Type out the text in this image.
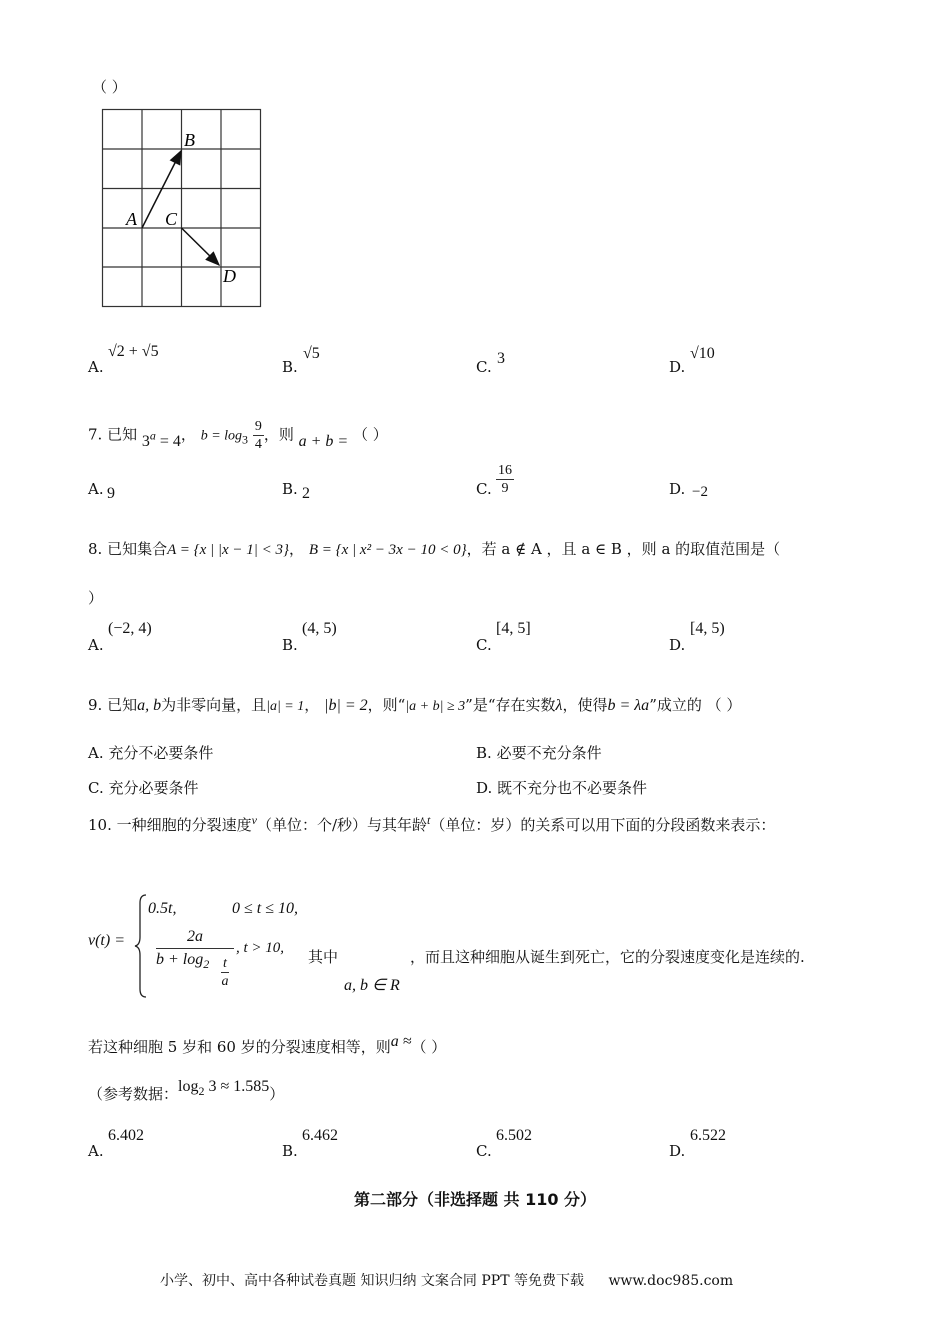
（ ）
B
A C
D
A.
√2 + √5
B.
√5
C. 3	D.
√10
7. 已知 $3^a = 4$， $b = \log_3 \frac{9}{4}$ ，则 a + b = （ ）
A. 9	B. 2	C. $\frac{16}{9}$	D. −2
8. 已知集合A = {x | |x − 1| < 3}， B = {x | x² − 3x − 10 < 0}，若 a ∉ A ，且 a ∈ B ，则 a 的取值范围是（
）
A.
(−2, 4)
B.
(4, 5)
C.
[4, 5]
D.
[4, 5)
9. 已知a, b为非零向量，且|a| = 1， |b| = 2，则“|a + b| ≥ 3”是“存在实数λ，使得b = λa”成立的 （ ）
A. 充分不必要条件	B. 必要不充分条件
C. 充分必要条件	D. 既不充分也不必要条件
10. 一种细胞的分裂速度$^v$（单位：个/秒）与其年龄$^t$（单位：岁）的关系可以用下面的分段函数来表示：
v(t) =
0.5t,	0 ≤ t ≤ 10,
2a
$b + \log_2 \frac{t}{a}$
, t > 10, 其中
a, b ∈ R
，而且这种细胞从诞生到死亡，它的分裂速度变化是连续的.
若这种细胞 5 岁和 60 岁的分裂速度相等，则a ≈（ ）
（参考数据：$\log_2 3 \approx 1.585$）
A.
6.402
B.
6.462
C.
6.502
D.
6.522
第二部分（非选择题 共 110 分）
小学、初中、高中各种试卷真题 知识归纳 文案合同 PPT 等免费下载 www.doc985.com
